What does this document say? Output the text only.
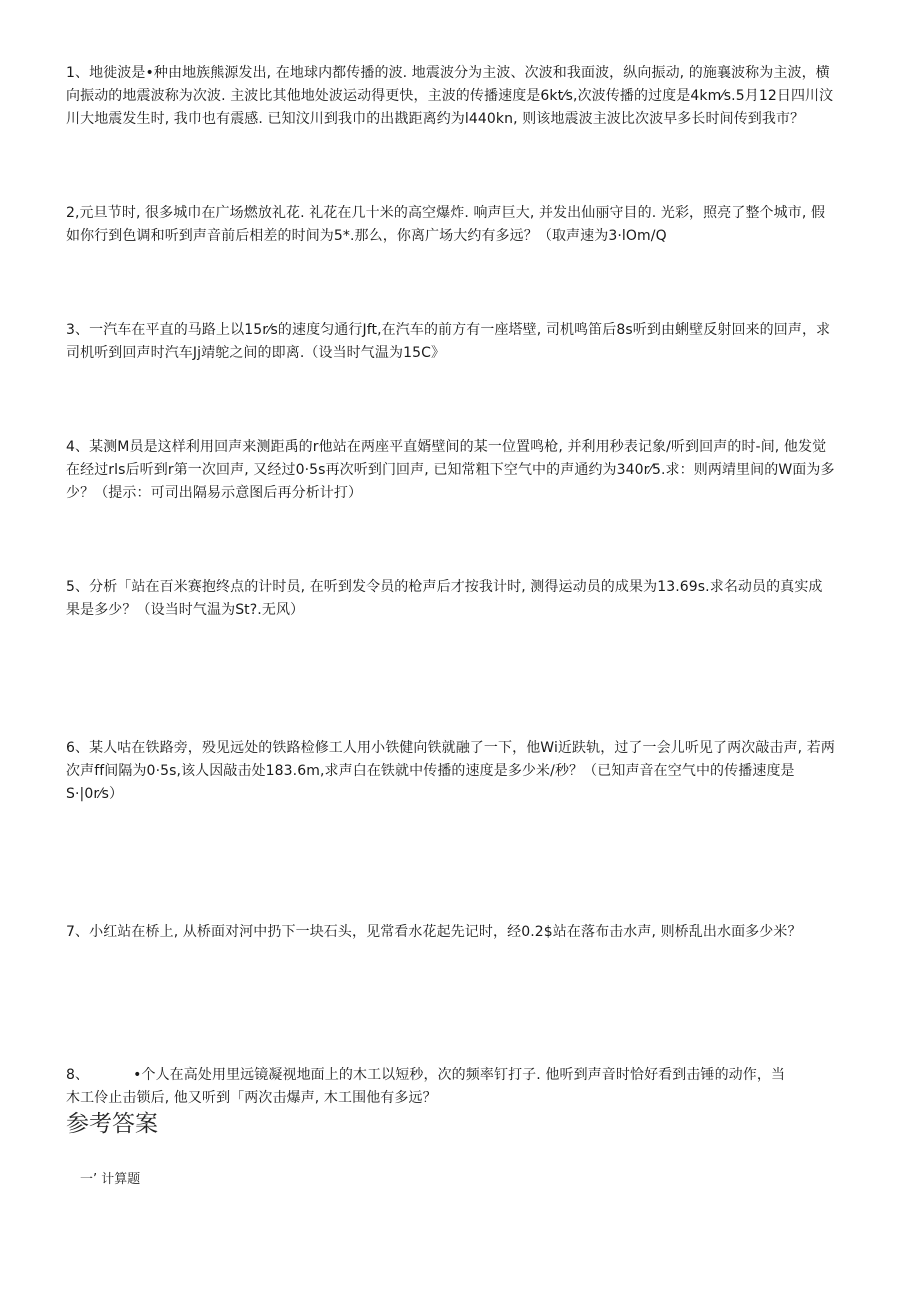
1、地徙波是•种由地族熊源发出, 在地球内都传播的波. 地震波分为主波、次波和我面波，纵向振动, 的施襄波称为主波，横向振动的地震波称为次波. 主波比其他地处波运动得更快，主波的传播速度是6kt⁄s,次波传播的过度是4km⁄s.5月12日四川汶川大地震发生时, 我巾也有震感. 已知汶川到我巾的出戡距离约为l440kn, 则该地震波主波比次波早多长时间传到我市？

2,元旦节时, 很多城巾在广场燃放礼花. 礼花在几十米的高空爆炸. 响声巨大, 并发出仙丽守目的. 光彩，照亮了整个城市, 假如你行到色调和听到声音前后相差的时间为5*.那么，你离广场大约有多远？（取声速为3·lOm/Q

3、一汽车在平直的马路上以15r⁄s的速度匀通行Jft,在汽车的前方有一座塔壁, 司机鸣笛后8s听到由蜊壁反射回来的回声，求司机听到回声时汽车Jj靖鸵之间的即离.（设当时气温为15C》

4、某测M员是这样利用回声来测距禹的r他站在两座平直婿壁间的某一位置鸣枪, 并利用秒表记象/听到回声的时-间, 他发觉在经过rls后听到r第一次回声, 又经过0·5s再次听到门回声, 已知常粗下空气中的声通约为340r⁄5.求：则两靖里间的W面为多少？（提示：可司出隔易示意图后再分析计打）

5、分析「站在百米赛抱终点的计时员, 在听到发令员的枪声后才按我计时, 测得运动员的成果为13.69s.求名动员的真实成果是多少？（设当时气温为St?.无风）

6、某人咕在铁路旁，殁见远处的铁路检修工人用小铁健向铁就融了一下，他Wi近趺轨，过了一会儿听见了两次敲击声, 若两次声ff间隔为0·5s,该人因敲击处183.6m,求声白在铁就中传播的速度是多少米/秒？（已知声音在空气中的传播速度是S·|0r⁄s）

7、小红站在桥上, 从桥面对河中扔下一块石头，见常看水花起先记时，经0.2$站在落布击水声, 则桥乱出水面多少米？

8、	•个人在高处用里远镜凝视地面上的木工以短秒，次的频率钉打子. 他听到声音时恰好看到击锤的动作，当
木工伶止击锁后, 他又听到「两次击爆声, 木工围他有多远？
参考答案
一’ 计算题
